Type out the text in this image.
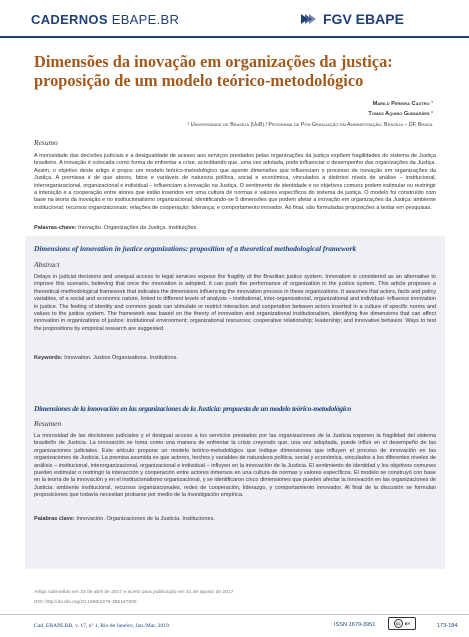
CADERNOS EBAPE.BR	FGV EBAPE
Dimensões da inovação em organizações da justiça: proposição de um modelo teórico-metodológico
Marilú Pereira Castro ¹
Tomas Aquino Guimarães ¹
¹ Universidade de Brasília (UnB) / Programa de Pós-Graduação em Administração, Brasília – DF, Brasil
Resumo
A morosidade das decisões judiciais e a desigualdade de acesso aos serviços prestados pelas organizações da justiça expõem fragilidades do sistema de Justiça brasileiro. A inovação é colocada como forma de enfrentar a crise, acreditando que, uma vez adotada, pode influenciar o desempenho das organizações da Justiça. Assim, o objetivo deste artigo é propor um modelo teórico-metodológico que aponte dimensões que influenciam o processo de inovação em organizações da Justiça. A premissa é de que atores, fatos e variáveis de natureza política, social e econômica, vinculados a distintos níveis de análise – institucional, interorganizacional, organizacional e individual – influenciam a inovação na Justiça. O sentimento de identidade e os objetivos comuns podem estimular ou restringir a interação e a cooperação entre atores que estão inseridos em uma cultura de normas e valores específicos do sistema de justiça. O modelo foi construído com base na teoria da inovação e no institucionalismo organizacional, identificando-se 5 dimensões que podem afetar a inovação em organizações da Justiça: ambiente institucional; recursos organizacionais; relações de cooperação; liderança; e comportamento inovador. Ao final, são formuladas proposições a testar em pesquisas.
Palavras-chave: Inovação. Organizações da Justiça. Instituições.
Dimensions of innovation in justice organizations: proposition of a theoretical methodological framework
Abstract
Delays in judicial decisions and unequal access to legal services expose the fragility of the Brazilian justice system. Innovation is considered as an alternative to improve this scenario, believing that once the innovation is adopted, it can push the performance of organization in the justice system. This article proposes a theoretical-methodological framework that indicates the dimensions influencing the innovation process in these organizations. It assumes that actors, facts and policy variables, of a social and economic nature, linked to different levels of analysis – institutional, inter-organizational, organizational and individual- influence innovation in justice. The feeling of identity and common goals can stimulate or restrict interaction and cooperation between actors inserted in a culture of specific norms and values to the justice system. The framework was based on the theory of innovation and organizational institutionalism, identifying five dimensions that can affect innovation in organizations of justice: institutional environment; organizational resources; cooperative relationship; leadership; and innovative behavior. Ways to test the propositions by empirical research are suggested.
Keywords: Innovation. Justice Organizations. Institutions.
Dimensiones de la innovación en las organizaciones de la Justicia: propuesta de un modelo teórico-metodológico
Resumen
La morosidad de las decisiones judiciales y el desigual acceso a los servicios prestados por las organizaciones de la Justicia exponen la fragilidad del sistema brasileño de Justicia. La innovación se toma como una manera de enfrentar la crisis creyendo que, una vez adoptada, puede influir en el desempeño de las organizaciones judiciales. Este artículo propone un modelo teórico-metodológico que indique dimensiones que influyen el proceso de innovación en las organizaciones de Justicia. La premisa asumida es que actores, hechos y variables de naturaleza política, social y económica, vinculados a los diferentes niveles de análisis – institucional, interorganizacional, organizacional e individual – influyen en la innovación de la Justicia. El sentimiento de identidad y los objetivos comunes pueden estimular o restringir la interacción y cooperación entre actores inmersos en una cultura de normas y valores específicos. El modelo se construyó con base en la teoría de la innovación y en el institucionalismo organizacional, y se identificaron cinco dimensiones que pueden afectar la innovación en las organizaciones de Justicia: ambiente institucional, recursos organizacionales, redes de cooperación, liderazgo, y comportamiento innovador. Al final de la discusión se formulan proposiciones que todavía necesitan probarse por medio de la investigación empírica.
Palabras clave: Innovación. Organizaciones de la Justicia. Instituciones.
Artigo submetido em 23 de abril de 2017 e aceito para publicação em 31 de agosto de 2017.
DOI: http://dx.doi.org/10.1590/1679-395167960
Cad. EBAPE.BR, v. 17, nº 1, Rio de Janeiro, Jan./Mar. 2019.	ISSN 1679-3951	cc	BY	173-184
